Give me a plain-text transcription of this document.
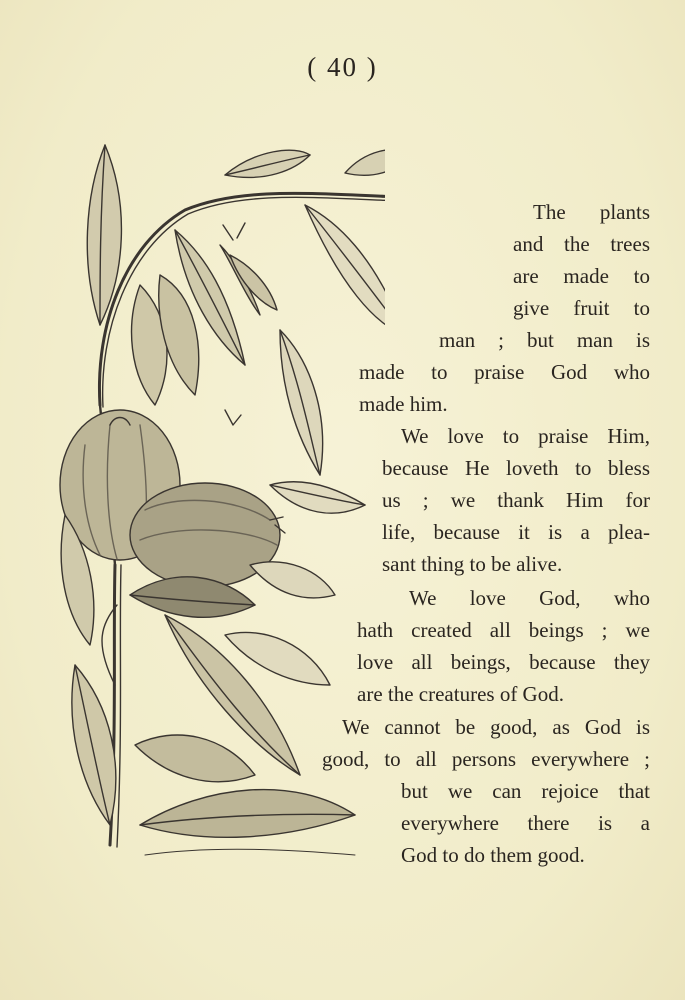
( 40 )
The plants
and the trees
are made to
give fruit to
man ; but man is
made to praise God who
made him.
We love to praise Him,
because He loveth to bless
us ; we thank Him for
life, because it is a plea-
sant thing to be alive.
We love God, who
hath created all beings ; we
love all beings, because they
are the creatures of God.
We cannot be good, as God is
good, to all persons everywhere ;
but we can rejoice that
everywhere there is a
God to do them good.
